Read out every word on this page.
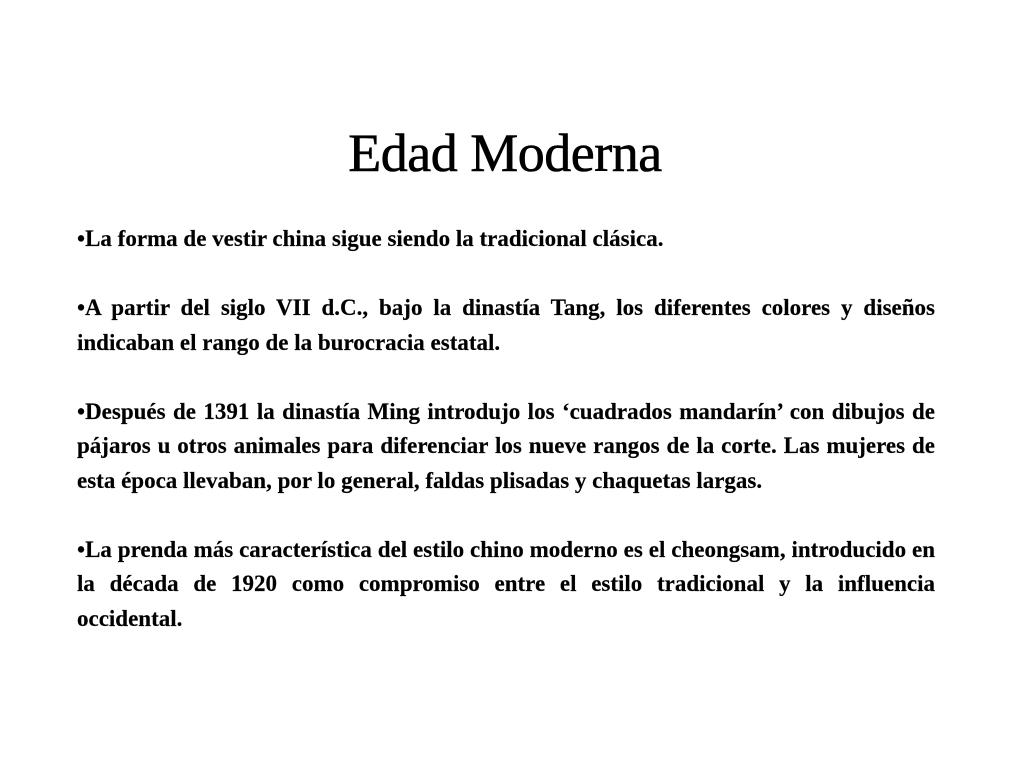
Edad Moderna
•La forma de vestir china sigue siendo la tradicional clásica.
•A partir del siglo VII d.C., bajo la dinastía Tang, los diferentes colores y diseños indicaban el rango de la burocracia estatal.
•Después de 1391 la dinastía Ming introdujo los ‘cuadrados mandarín’ con dibujos de pájaros u otros animales para diferenciar los nueve rangos de la corte. Las mujeres de esta época llevaban, por lo general, faldas plisadas y chaquetas largas.
•La prenda más característica del estilo chino moderno es el cheongsam, introducido en la década de 1920 como compromiso entre el estilo tradicional y la influencia occidental.
